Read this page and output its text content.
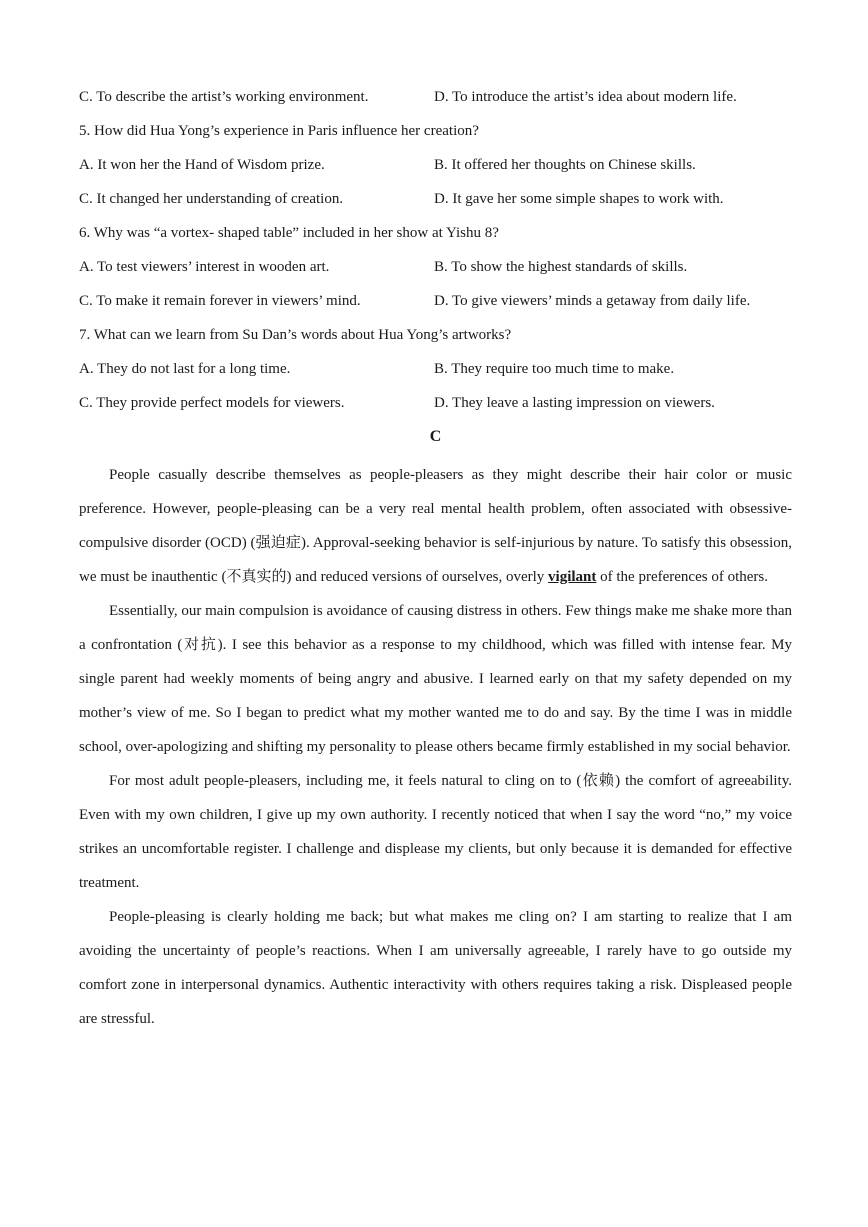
C. To describe the artist’s working environment.	D. To introduce the artist’s idea about modern life.
5. How did Hua Yong’s experience in Paris influence her creation?
A. It won her the Hand of Wisdom prize.	B. It offered her thoughts on Chinese skills.
C. It changed her understanding of creation.	D. It gave her some simple shapes to work with.
6. Why was “a vortex- shaped table” included in her show at Yishu 8?
A. To test viewers’ interest in wooden art.	B. To show the highest standards of skills.
C. To make it remain forever in viewers’ mind.	D. To give viewers’ minds a getaway from daily life.
7. What can we learn from Su Dan’s words about Hua Yong’s artworks?
A. They do not last for a long time.	B. They require too much time to make.
C. They provide perfect models for viewers.	D. They leave a lasting impression on viewers.
C

People casually describe themselves as people-pleasers as they might describe their hair color or music preference. However, people-pleasing can be a very real mental health problem, often associated with obsessive-compulsive disorder (OCD) (强迫症). Approval-seeking behavior is self-injurious by nature. To satisfy this obsession, we must be inauthentic (不真实的) and reduced versions of ourselves, overly vigilant of the preferences of others.

Essentially, our main compulsion is avoidance of causing distress in others. Few things make me shake more than a confrontation (对抗). I see this behavior as a response to my childhood, which was filled with intense fear. My single parent had weekly moments of being angry and abusive. I learned early on that my safety depended on my mother’s view of me. So I began to predict what my mother wanted me to do and say. By the time I was in middle school, over-apologizing and shifting my personality to please others became firmly established in my social behavior.

For most adult people-pleasers, including me, it feels natural to cling on to (依赖) the comfort of agreeability. Even with my own children, I give up my own authority. I recently noticed that when I say the word “no,” my voice strikes an uncomfortable register. I challenge and displease my clients, but only because it is demanded for effective treatment.

People-pleasing is clearly holding me back; but what makes me cling on? I am starting to realize that I am avoiding the uncertainty of people’s reactions. When I am universally agreeable, I rarely have to go outside my comfort zone in interpersonal dynamics. Authentic interactivity with others requires taking a risk. Displeased people are stressful.
